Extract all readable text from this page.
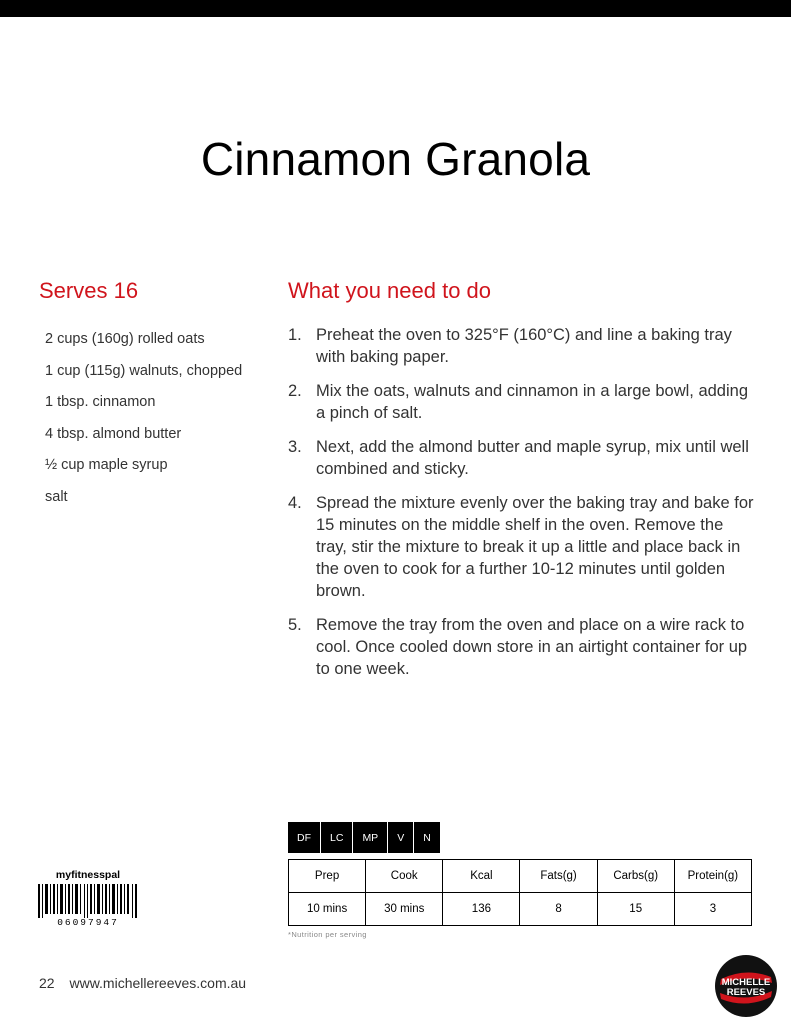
Cinnamon Granola
Serves 16
2 cups (160g) rolled oats
1 cup (115g) walnuts, chopped
1 tbsp. cinnamon
4 tbsp. almond butter
½ cup maple syrup
salt
What you need to do
1. Preheat the oven to 325°F (160°C) and line a baking tray with baking paper.
2. Mix the oats, walnuts and cinnamon in a large bowl, adding a pinch of salt.
3. Next, add the almond butter and maple syrup, mix until well combined and sticky.
4. Spread the mixture evenly over the baking tray and bake for 15 minutes on the middle shelf in the oven. Remove the tray, stir the mixture to break it up a little and place back in the oven to cook for a further 10-12 minutes until golden brown.
5. Remove the tray from the oven and place on a wire rack to cool. Once cooled down store in an airtight container for up to one week.
DF	LC	MP	V	N
myfitnesspal
06097947
Prep	Cook	Kcal	Fats(g)	Carbs(g)	Protein(g)
10 mins	30 mins	136	8	15	3
*Nutrition per serving
22 www.michellereeves.com.au	MICHELLE
REEVES
